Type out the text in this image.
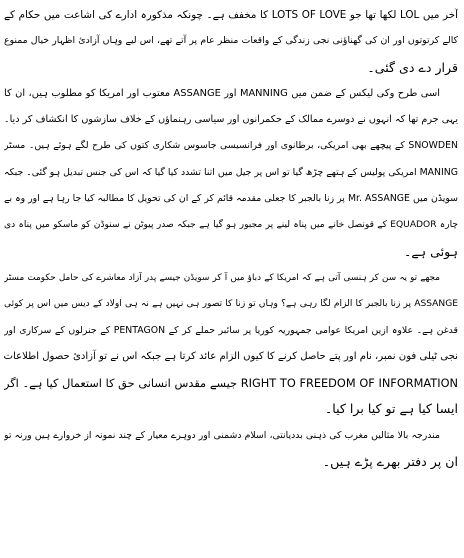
آخر میں LOL لکھا تھا جو LOTS OF LOVE کا مخفف ہے۔ چونکہ مذکورہ ادارے کی اشاعت میں حکام کے
کالے کرتوتوں اور ان کی گھناؤنی نجی زندگی کے واقعات منظر عام پر آتے تھے، اس لیے وہاں آزادیٔ اظہار خیال ممنوع
قرار دے دی گئی۔
اسی طرح وکی لیکس کے ضمن میں MANNING اور ASSANGE معتوب اور امریکا کو مطلوب ہیں، ان کا
یہی جرم تھا کہ انہوں نے دوسرے ممالک کے حکمرانوں اور سیاسی رہنماؤں کے خلاف سازشوں کا انکشاف کر دیا۔
SNOWDEN کے پیچھے بھی امریکی، برطانوی اور فرانسیسی جاسوس شکاری کتوں کی طرح لگے ہوئے ہیں۔ مسٹر
MANING امریکی پولیس کے ہتھے چڑھ گیا تو اس پر جیل میں اتنا تشدد کیا گیا کہ اس کی جنس تبدیل ہو گئی۔ جبکہ
سویڈن میں Mr. ASSANGE پر زنا بالجبر کا جعلی مقدمہ قائم کر کے ان کی تحویل کا مطالبہ کیا جا رہا ہے اور وہ بے
چارہ EQUADOR کے قونصل خانے میں پناہ لینے پر مجبور ہو گیا ہے جبکہ صدر پیوٹن نے سنوڈن کو ماسکو میں پناہ دی
ہوئی ہے۔
مجھے تو یہ سن کر ہنسی آتی ہے کہ امریکا کے دباؤ میں آ کر سویڈن جیسے پدر آزاد معاشرے کی حامل حکومت مسٹر
ASSANGE پر زنا بالجبر کا الزام لگا رہی ہے؟ وہاں تو زنا کا تصور ہی نہیں ہے نہ ہی اولاد کے دیس میں اس پر کوئی
قدغن ہے۔ علاوہ ازیں امریکا عوامی جمہوریہ کوریا پر سائبر حملے کر کے PENTAGON کے جنرلوں کے سرکاری اور
نجی ٹیلی فون نمبر، نام اور پتے حاصل کرنے کا کیوں الزام عائد کرتا ہے جبکہ اس نے تو آزادیٔ حصول اطلاعات
RIGHT TO FREEDOM OF INFORMATION جیسے مقدس انسانی حق کا استعمال کیا ہے۔ اگر
ایسا کیا ہے تو کیا برا کیا۔
مندرجہ بالا مثالیں مغرب کی ذہنی بددیانتی، اسلام دشمنی اور دوہرے معیار کے چند نمونہ از خروارے ہیں ورنہ تو
ان پر دفتر بھرے پڑے ہیں۔
